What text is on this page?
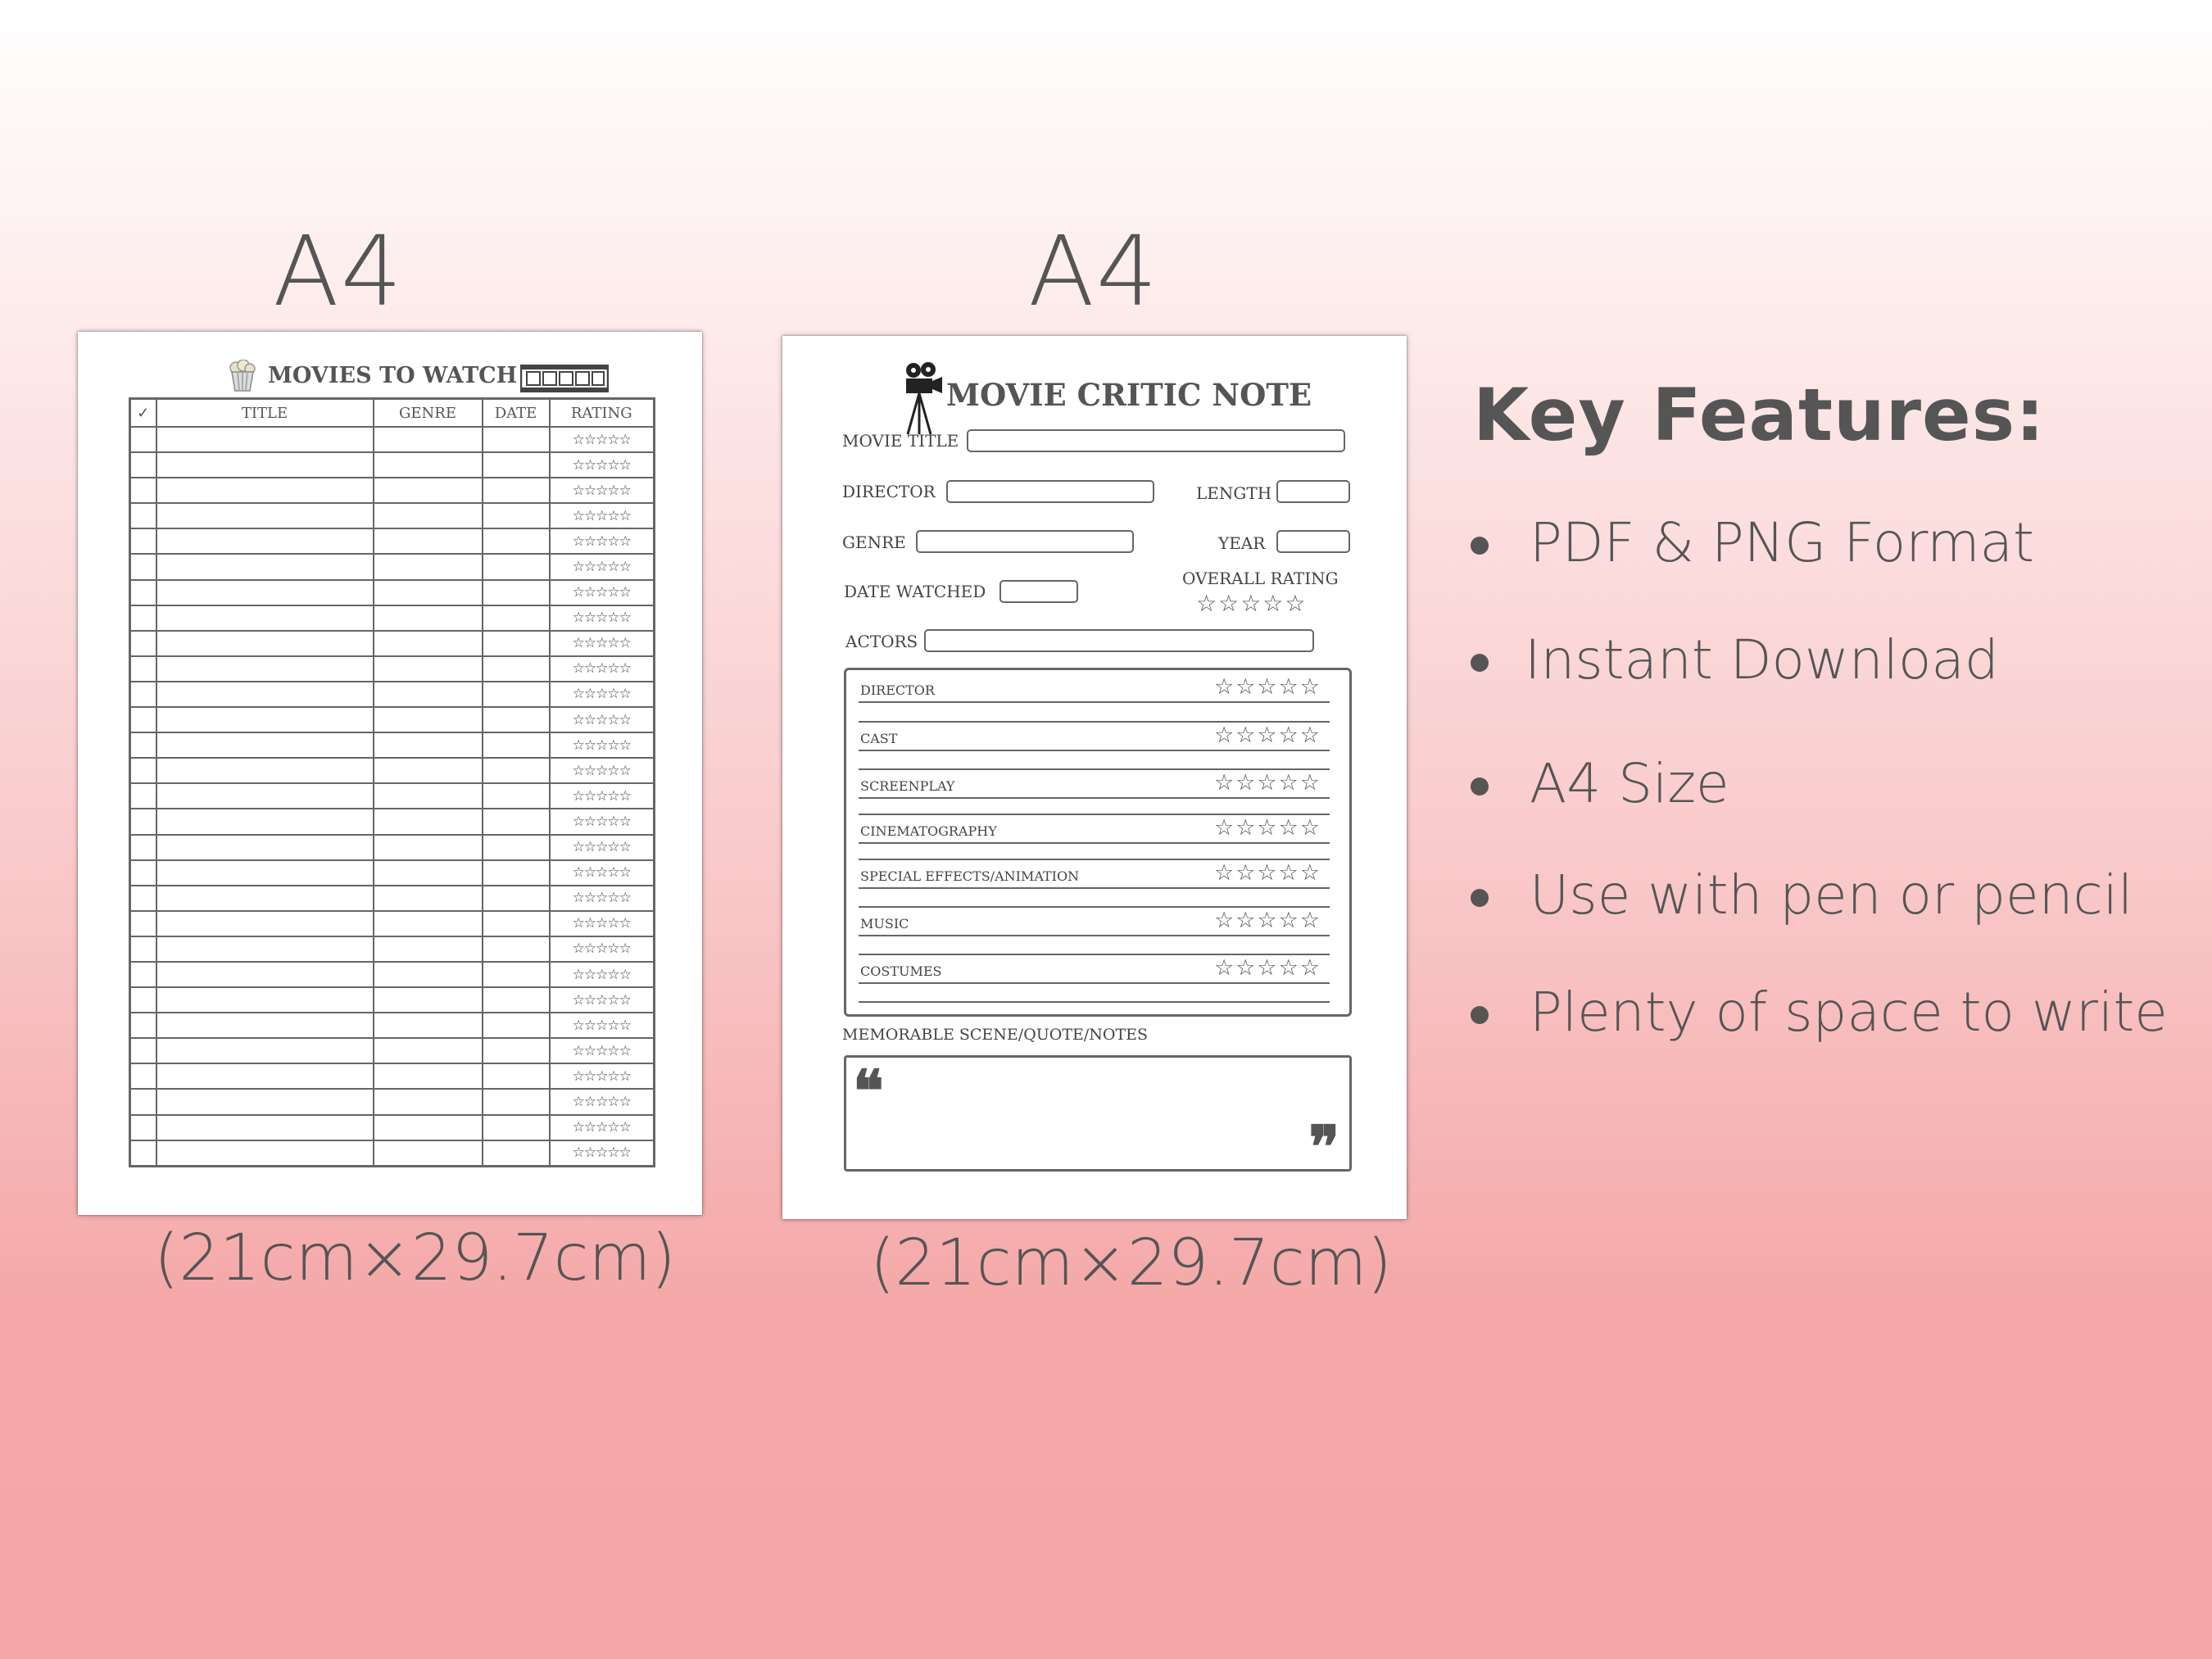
A4
MOVIES TO WATCH
✓	TITLE	GENRE	DATE	RATING
				☆☆☆☆☆
				☆☆☆☆☆
				☆☆☆☆☆
				☆☆☆☆☆
				☆☆☆☆☆
				☆☆☆☆☆
				☆☆☆☆☆
				☆☆☆☆☆
				☆☆☆☆☆
				☆☆☆☆☆
				☆☆☆☆☆
				☆☆☆☆☆
				☆☆☆☆☆
				☆☆☆☆☆
				☆☆☆☆☆
				☆☆☆☆☆
				☆☆☆☆☆
				☆☆☆☆☆
				☆☆☆☆☆
				☆☆☆☆☆
				☆☆☆☆☆
				☆☆☆☆☆
				☆☆☆☆☆
				☆☆☆☆☆
				☆☆☆☆☆
				☆☆☆☆☆
				☆☆☆☆☆
				☆☆☆☆☆
				☆☆☆☆☆
(21cm×29.7cm)
A4
MOVIE CRITIC NOTE
MOVIE TITLE
DIRECTOR	LENGTH
GENRE	YEAR
DATE WATCHED
OVERALL RATING
☆☆☆☆☆
ACTORS
DIRECTOR	☆☆☆☆☆
CAST	☆☆☆☆☆
SCREENPLAY	☆☆☆☆☆
CINEMATOGRAPHY	☆☆☆☆☆
SPECIAL EFFECTS/ANIMATION	☆☆☆☆☆
MUSIC	☆☆☆☆☆
COSTUMES	☆☆☆☆☆
MEMORABLE SCENE/QUOTE/NOTES
❝
❞
(21cm×29.7cm)
Key Features:
PDF & PNG Format
Instant Download
A4 Size
Use with pen or pencil
Plenty of space to write
